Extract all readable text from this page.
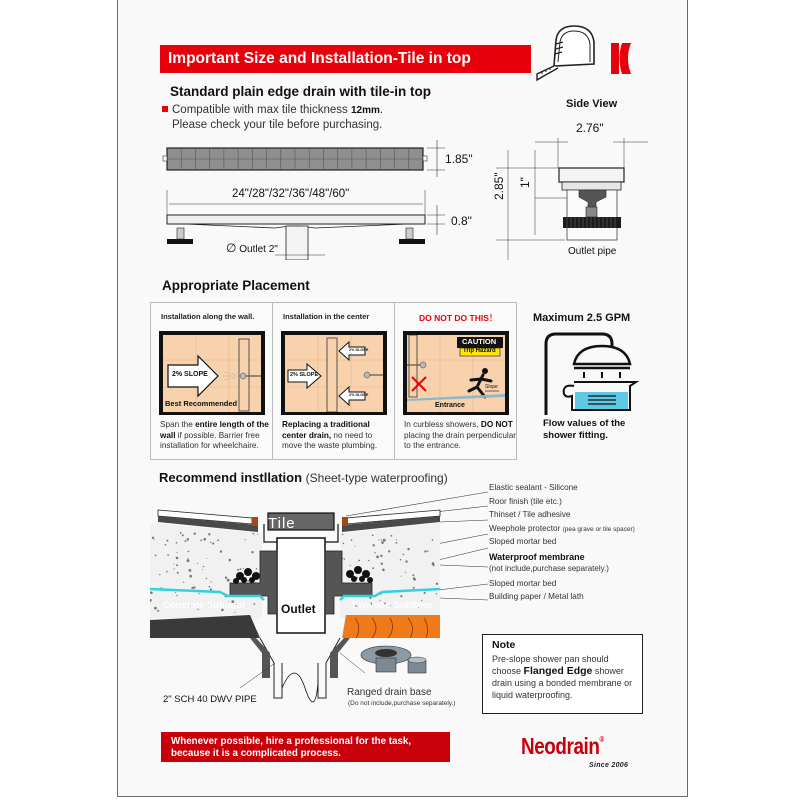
Important Size and Installation-Tile in top
Standard plain edge drain with tile-in top
Compatible with max tile thickness 12mm.
Please check your tile before purchasing.
1.85"
24"/28"/32"/36"/48"/60"
0.8"
∅ Outlet 2"
Side View
2.76"
2.85" 1"
Outlet pipe
Appropriate Placement
Installation along the wall.
2% SLOPE
Best Recommended
Span the entire length of the wall if possible. Barrier free installation for wheelchaire.
Installation in the center
2% SLOPE
2% SLOPE
2% SLOPE
Replacing a traditional center drain, no need to move the waste plumbing.
DO NOT DO THIS！
CAUTION
Trip Hazard
Slope
Entrance
In curbless showers, DO NOT placing the drain perpendicular to the entrance.
Maximum 2.5 GPM
Flow values of the
shower fitting.
Recommend instllation (Sheet-type waterproofing)
Tile
Outlet
Concrete Subfloor	Plywood Subfloor
2" SCH 40 DWV PIPE
Ranged drain base
(Do not include,purchase separately.)
Elastic sealant - Silicone
Roor finish (tile etc.)
Thinset / Tile adhesive
Weephole protector (pea grave or tile spacer)
Sloped mortar bed
Waterproof membrane
(not include,purchase separately.)
Sloped mortar bed
Building paper / Metal lath
Note
Pre-slope shower pan should choose Flanged Edge shower drain using a bonded membrane or liquid waterproofing.
Whenever possible, hire a professional for the task,
because it is a complicated process.	Neodrain®
Since 2006
